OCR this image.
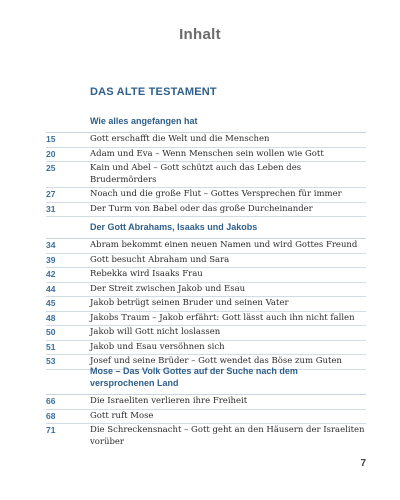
Inhalt
DAS ALTE TESTAMENT
Wie alles angefangen hat
15	Gott erschafft die Welt und die Menschen
20	Adam und Eva – Wenn Menschen sein wollen wie Gott
25	Kain und Abel – Gott schützt auch das Leben des Brudermörders
27	Noach und die große Flut – Gottes Versprechen für immer
31	Der Turm von Babel oder das große Durcheinander
Der Gott Abrahams, Isaaks und Jakobs
34	Abram bekommt einen neuen Namen und wird Gottes Freund
39	Gott besucht Abraham und Sara
42	Rebekka wird Isaaks Frau
44	Der Streit zwischen Jakob und Esau
45	Jakob betrügt seinen Bruder und seinen Vater
48	Jakobs Traum – Jakob erfährt: Gott lässt auch ihn nicht fallen
50	Jakob will Gott nicht loslassen
51	Jakob und Esau versöhnen sich
53	Josef und seine Brüder – Gott wendet das Böse zum Guten
Mose – Das Volk Gottes auf der Suche nach dem versprochenen Land
66	Die Israeliten verlieren ihre Freiheit
68	Gott ruft Mose
71	Die Schreckensnacht – Gott geht an den Häusern der Israeliten vorüber
7
